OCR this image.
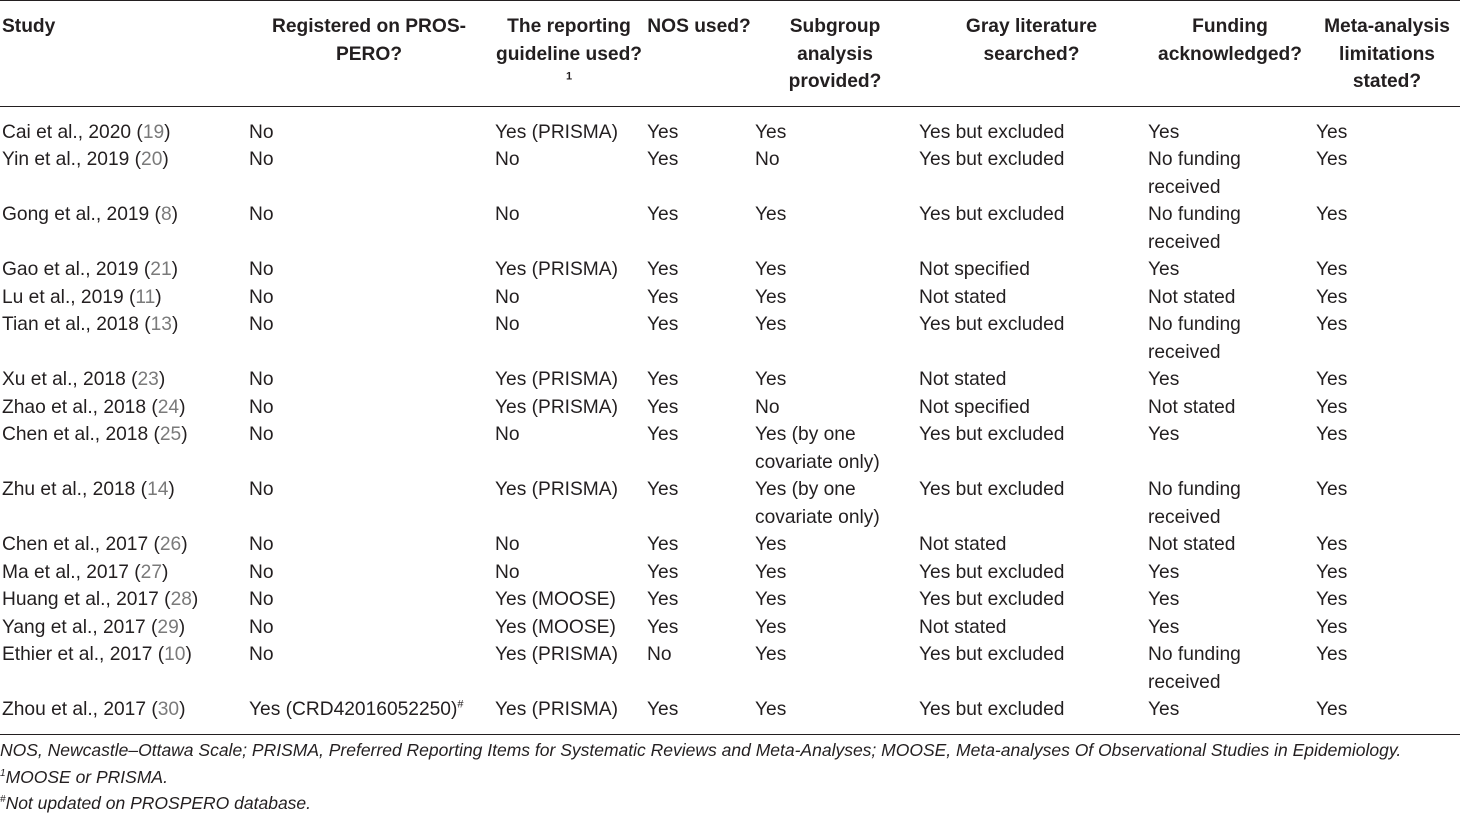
Study	Registered on PROS-PERO?	The reporting guideline used?$^1$	NOS used?	Subgroup analysis provided?	Gray literature searched?	Funding acknowledged?	Meta-analysis limitations stated?
Cai et al., 2020 (19)	No	Yes (PRISMA)	Yes	Yes	Yes but excluded	Yes	Yes
Yin et al., 2019 (20)	No	No	Yes	No	Yes but excluded	No funding received	Yes
Gong et al., 2019 (8)	No	No	Yes	Yes	Yes but excluded	No funding received	Yes
Gao et al., 2019 (21)	No	Yes (PRISMA)	Yes	Yes	Not specified	Yes	Yes
Lu et al., 2019 (11)	No	No	Yes	Yes	Not stated	Not stated	Yes
Tian et al., 2018 (13)	No	No	Yes	Yes	Yes but excluded	No funding received	Yes
Xu et al., 2018 (23)	No	Yes (PRISMA)	Yes	Yes	Not stated	Yes	Yes
Zhao et al., 2018 (24)	No	Yes (PRISMA)	Yes	No	Not specified	Not stated	Yes
Chen et al., 2018 (25)	No	No	Yes	Yes (by one covariate only)	Yes but excluded	Yes	Yes
Zhu et al., 2018 (14)	No	Yes (PRISMA)	Yes	Yes (by one covariate only)	Yes but excluded	No funding received	Yes
Chen et al., 2017 (26)	No	No	Yes	Yes	Not stated	Not stated	Yes
Ma et al., 2017 (27)	No	No	Yes	Yes	Yes but excluded	Yes	Yes
Huang et al., 2017 (28)	No	Yes (MOOSE)	Yes	Yes	Yes but excluded	Yes	Yes
Yang et al., 2017 (29)	No	Yes (MOOSE)	Yes	Yes	Not stated	Yes	Yes
Ethier et al., 2017 (10)	No	Yes (PRISMA)	No	Yes	Yes but excluded	No funding received	Yes
Zhou et al., 2017 (30)	Yes (CRD42016052250)#	Yes (PRISMA)	Yes	Yes	Yes but excluded	Yes	Yes
NOS, Newcastle–Ottawa Scale; PRISMA, Preferred Reporting Items for Systematic Reviews and Meta-Analyses; MOOSE, Meta-analyses Of Observational Studies in Epidemiology.
$^1$MOOSE or PRISMA.
#Not updated on PROSPERO database.
